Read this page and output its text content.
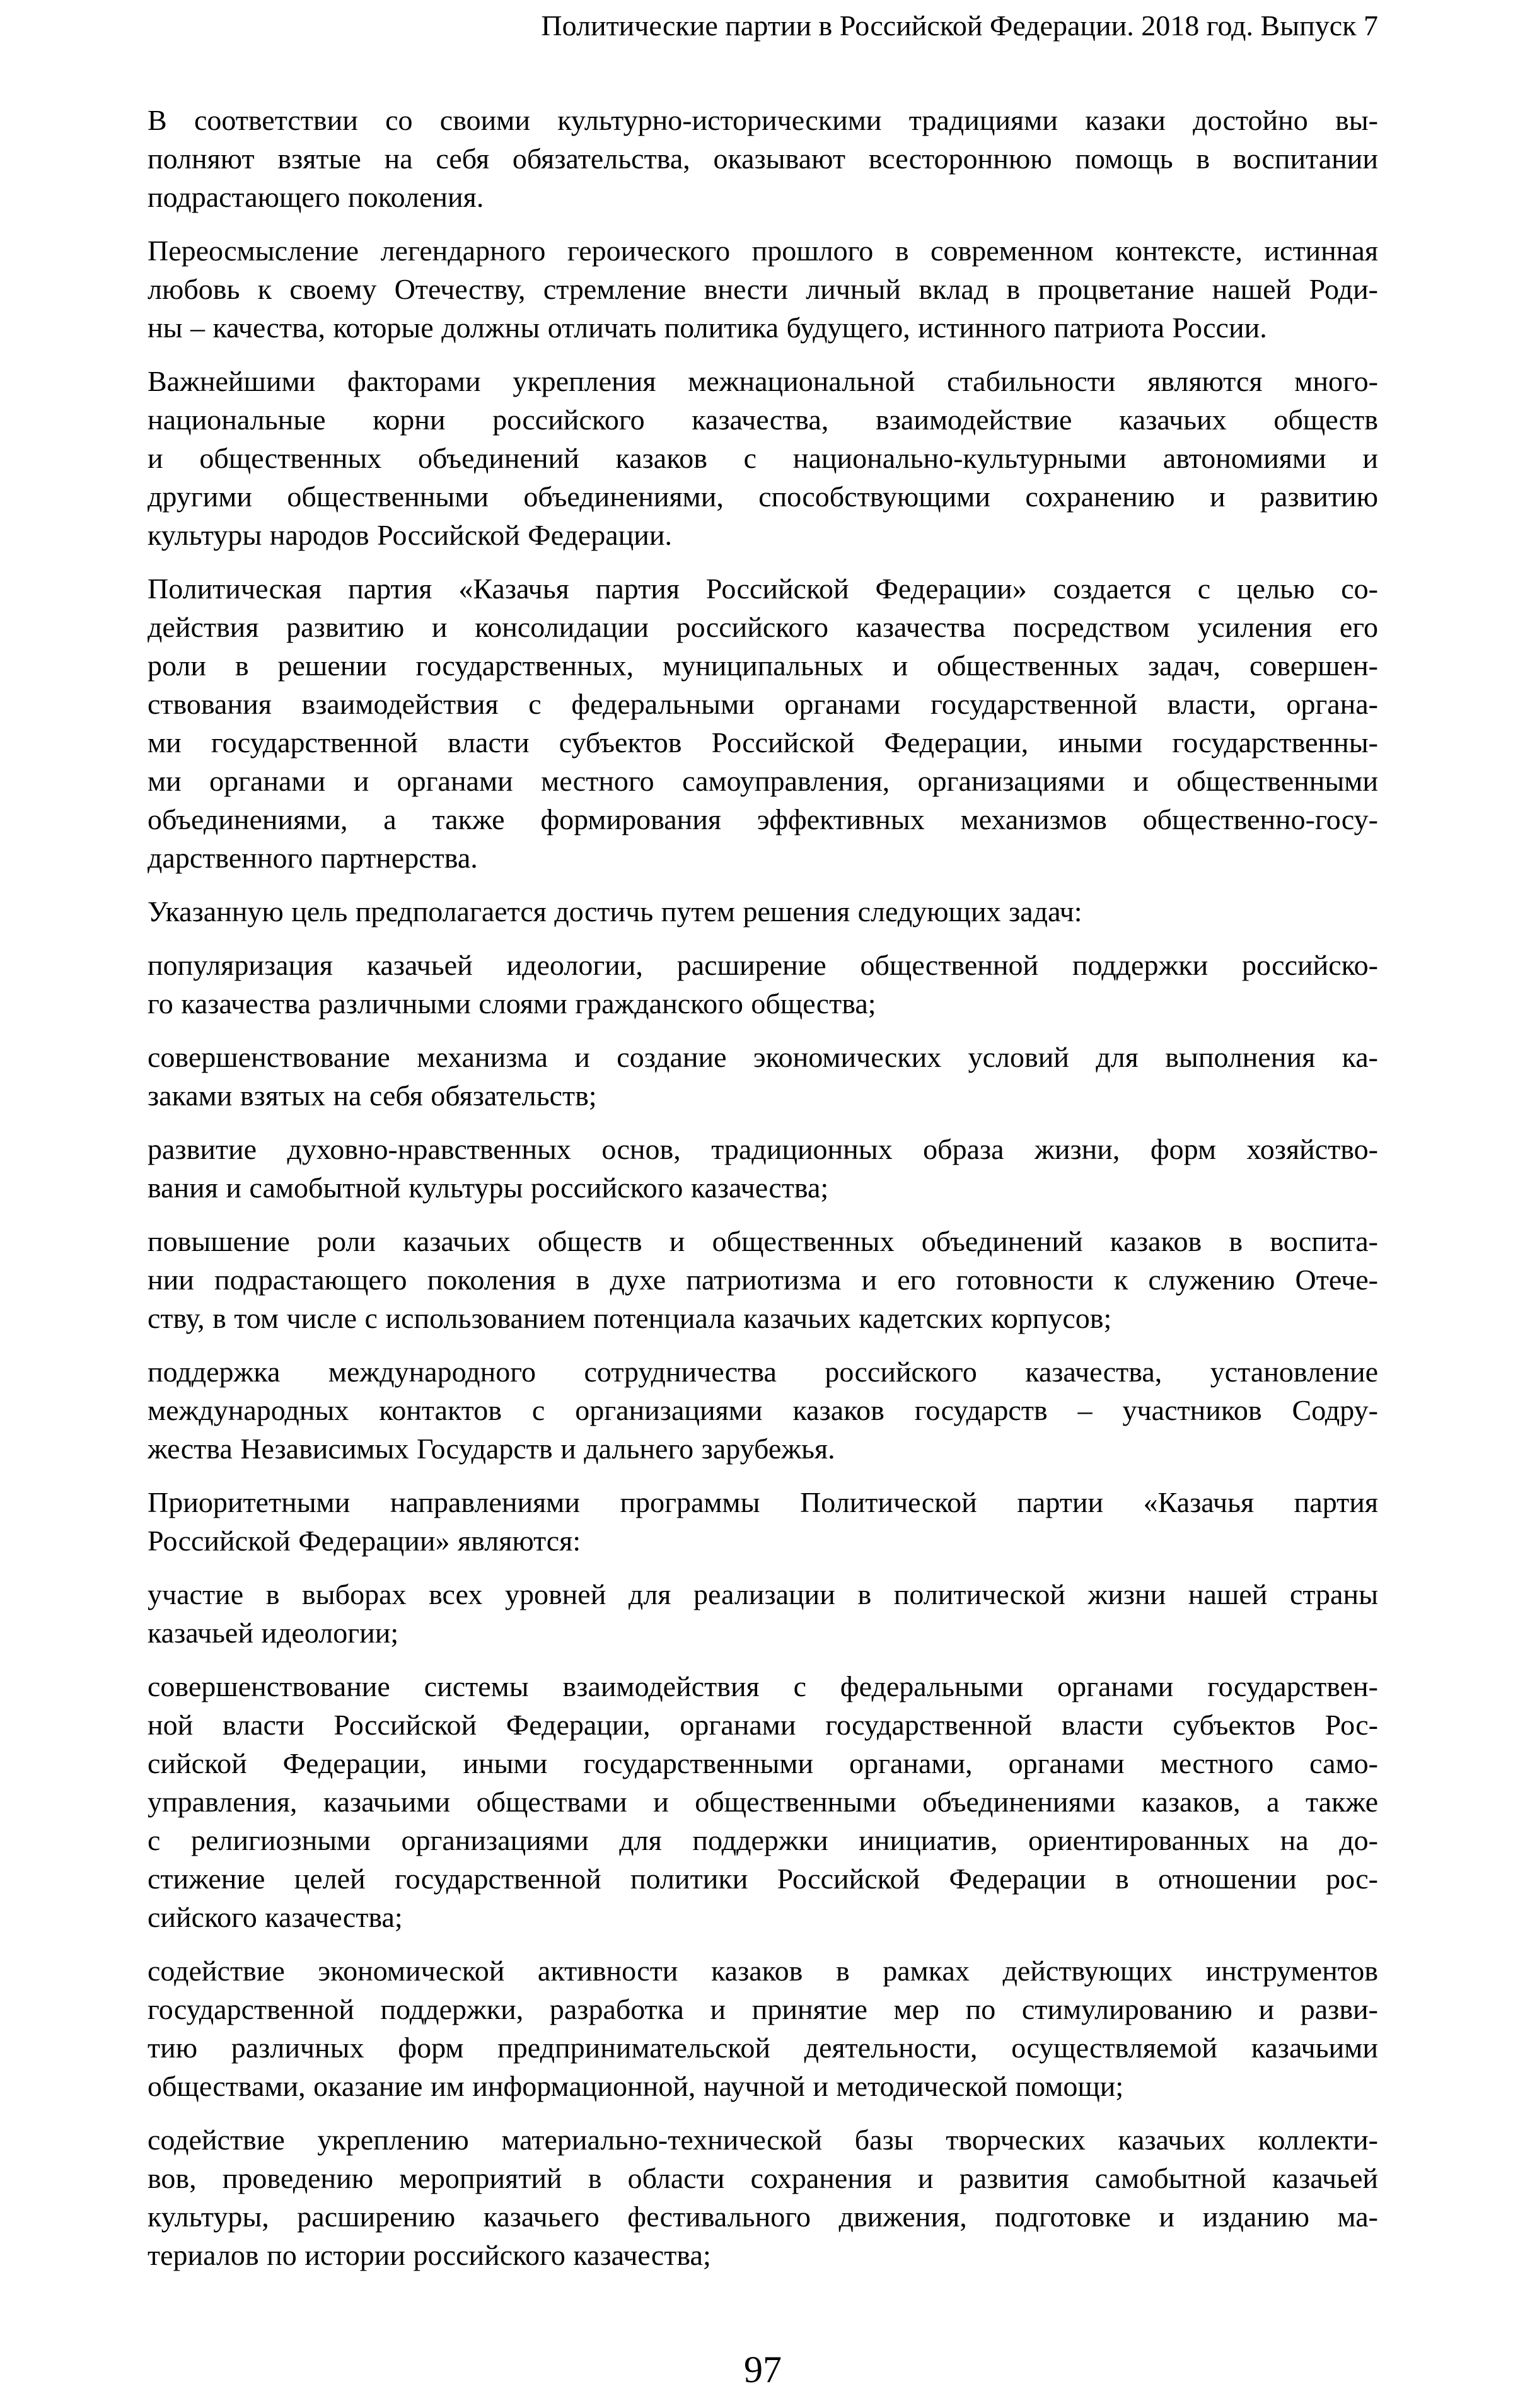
Политические партии в Российской Федерации. 2018 год. Выпуск 7
В соответствии со своими культурно-историческими традициями казаки достойно вы-
полняют взятые на себя обязательства, оказывают всестороннюю помощь в воспитании
подрастающего поколения.
Переосмысление легендарного героического прошлого в современном контексте, истинная
любовь к своему Отечеству, стремление внести личный вклад в процветание нашей Роди-
ны – качества, которые должны отличать политика будущего, истинного патриота России.
Важнейшими факторами укрепления межнациональной стабильности являются много-
национальные корни российского казачества, взаимодействие казачьих обществ
и общественных объединений казаков с национально-культурными автономиями и
другими общественными объединениями, способствующими сохранению и развитию
культуры народов Российской Федерации.
Политическая партия «Казачья партия Российской Федерации» создается с целью со-
действия развитию и консолидации российского казачества посредством усиления его
роли в решении государственных, муниципальных и общественных задач, совершен-
ствования взаимодействия с федеральными органами государственной власти, органа-
ми государственной власти субъектов Российской Федерации, иными государственны-
ми органами и органами местного самоуправления, организациями и общественными
объединениями, а также формирования эффективных механизмов общественно-госу-
дарственного партнерства.
Указанную цель предполагается достичь путем решения следующих задач:
популяризация казачьей идеологии, расширение общественной поддержки российско-
го казачества различными слоями гражданского общества;
совершенствование механизма и создание экономических условий для выполнения ка-
заками взятых на себя обязательств;
развитие духовно-нравственных основ, традиционных образа жизни, форм хозяйство-
вания и самобытной культуры российского казачества;
повышение роли казачьих обществ и общественных объединений казаков в воспита-
нии подрастающего поколения в духе патриотизма и его готовности к служению Отече-
ству, в том числе с использованием потенциала казачьих кадетских корпусов;
поддержка международного сотрудничества российского казачества, установление
международных контактов с организациями казаков государств – участников Содру-
жества Независимых Государств и дальнего зарубежья.
Приоритетными направлениями программы Политической партии «Казачья партия
Российской Федерации» являются:
участие в выборах всех уровней для реализации в политической жизни нашей страны
казачьей идеологии;
совершенствование системы взаимодействия с федеральными органами государствен-
ной власти Российской Федерации, органами государственной власти субъектов Рос-
сийской Федерации, иными государственными органами, органами местного само-
управления, казачьими обществами и общественными объединениями казаков, а также
с религиозными организациями для поддержки инициатив, ориентированных на до-
стижение целей государственной политики Российской Федерации в отношении рос-
сийского казачества;
содействие экономической активности казаков в рамках действующих инструментов
государственной поддержки, разработка и принятие мер по стимулированию и разви-
тию различных форм предпринимательской деятельности, осуществляемой казачьими
обществами, оказание им информационной, научной и методической помощи;
содействие укреплению материально-технической базы творческих казачьих коллекти-
вов, проведению мероприятий в области сохранения и развития самобытной казачьей
культуры, расширению казачьего фестивального движения, подготовке и изданию ма-
териалов по истории российского казачества;
97
